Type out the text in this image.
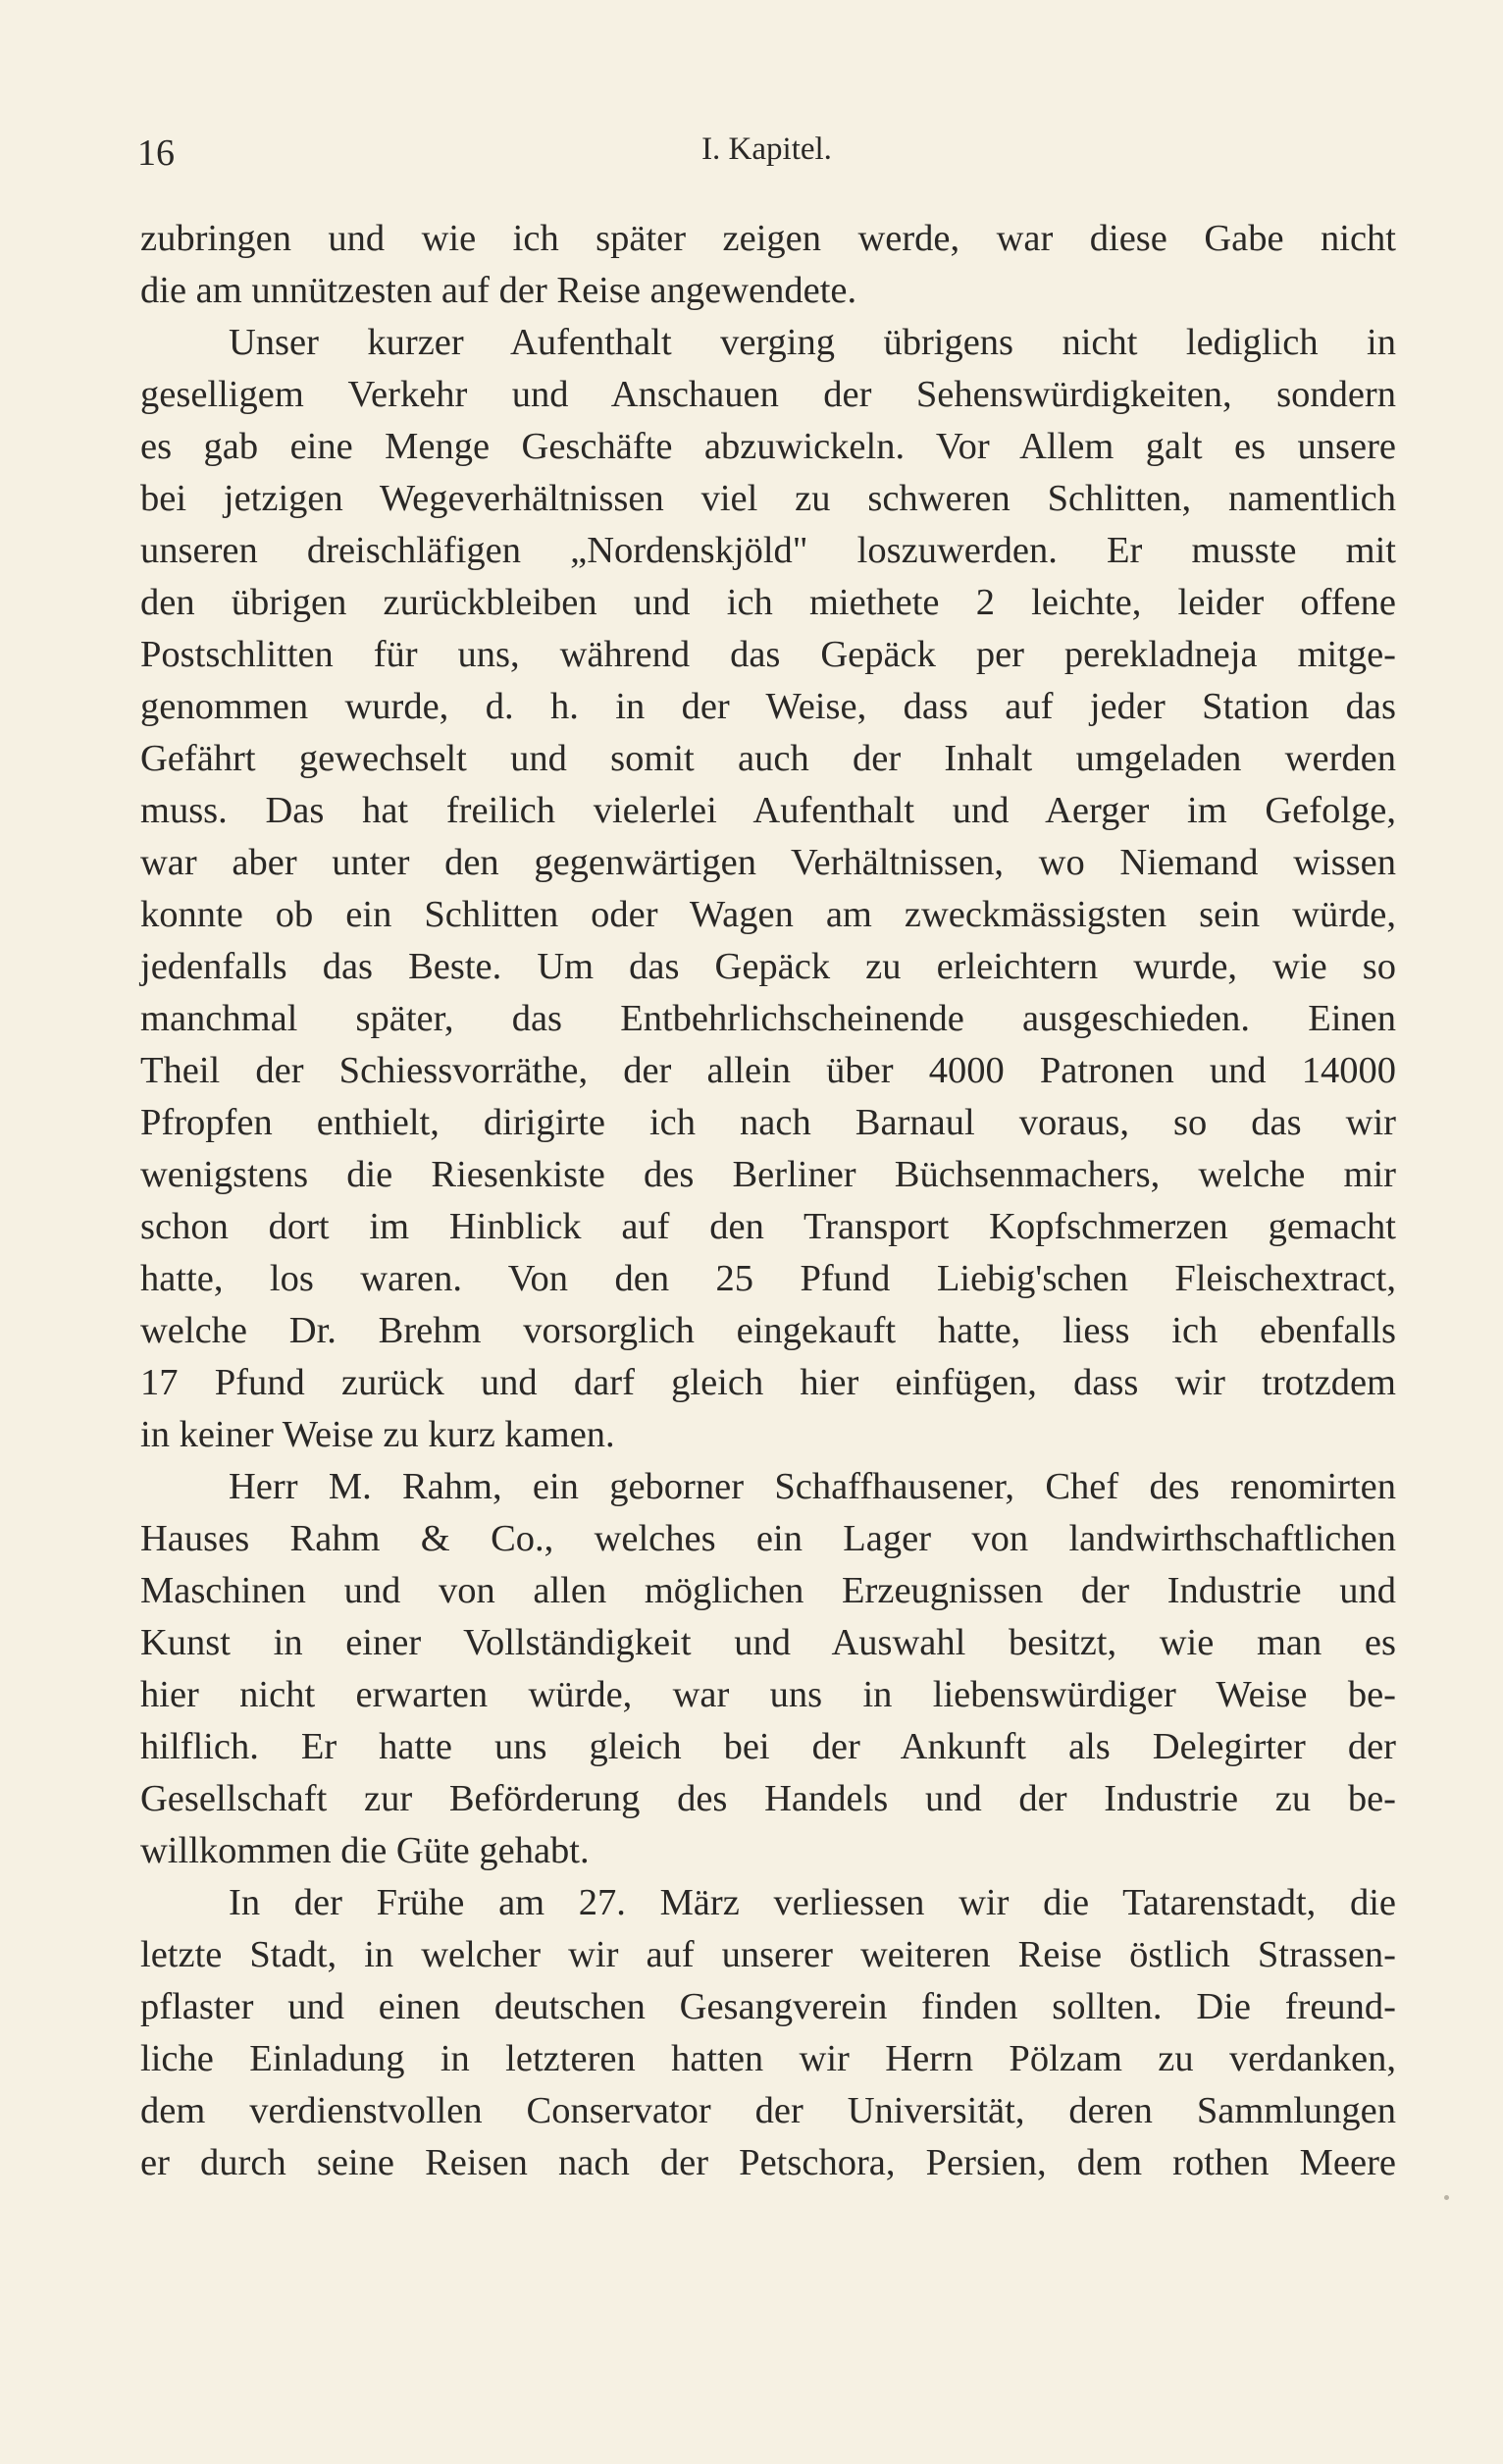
16	I. Kapitel.
zubringen und wie ich später zeigen werde, war diese Gabe nicht
die am unnützesten auf der Reise angewendete.
Unser kurzer Aufenthalt verging übrigens nicht lediglich in
geselligem Verkehr und Anschauen der Sehenswürdigkeiten, sondern
es gab eine Menge Geschäfte abzuwickeln. Vor Allem galt es unsere
bei jetzigen Wegeverhältnissen viel zu schweren Schlitten, namentlich
unseren dreischläfigen „Nordenskjöld" loszuwerden. Er musste mit
den übrigen zurückbleiben und ich miethete 2 leichte, leider offene
Postschlitten für uns, während das Gepäck per perekladneja mitge-
genommen wurde, d. h. in der Weise, dass auf jeder Station das
Gefährt gewechselt und somit auch der Inhalt umgeladen werden
muss. Das hat freilich vielerlei Aufenthalt und Aerger im Gefolge,
war aber unter den gegenwärtigen Verhältnissen, wo Niemand wissen
konnte ob ein Schlitten oder Wagen am zweckmässigsten sein würde,
jedenfalls das Beste. Um das Gepäck zu erleichtern wurde, wie so
manchmal später, das Entbehrlichscheinende ausgeschieden. Einen
Theil der Schiessvorräthe, der allein über 4000 Patronen und 14000
Pfropfen enthielt, dirigirte ich nach Barnaul voraus, so das wir
wenigstens die Riesenkiste des Berliner Büchsenmachers, welche mir
schon dort im Hinblick auf den Transport Kopfschmerzen gemacht
hatte, los waren. Von den 25 Pfund Liebig'schen Fleischextract,
welche Dr. Brehm vorsorglich eingekauft hatte, liess ich ebenfalls
17 Pfund zurück und darf gleich hier einfügen, dass wir trotzdem
in keiner Weise zu kurz kamen.
Herr M. Rahm, ein geborner Schaffhausener, Chef des renomirten
Hauses Rahm & Co., welches ein Lager von landwirthschaftlichen
Maschinen und von allen möglichen Erzeugnissen der Industrie und
Kunst in einer Vollständigkeit und Auswahl besitzt, wie man es
hier nicht erwarten würde, war uns in liebenswürdiger Weise be-
hilflich. Er hatte uns gleich bei der Ankunft als Delegirter der
Gesellschaft zur Beförderung des Handels und der Industrie zu be-
willkommen die Güte gehabt.
In der Frühe am 27. März verliessen wir die Tatarenstadt, die
letzte Stadt, in welcher wir auf unserer weiteren Reise östlich Strassen-
pflaster und einen deutschen Gesangverein finden sollten. Die freund-
liche Einladung in letzteren hatten wir Herrn Pölzam zu verdanken,
dem verdienstvollen Conservator der Universität, deren Sammlungen
er durch seine Reisen nach der Petschora, Persien, dem rothen Meere
